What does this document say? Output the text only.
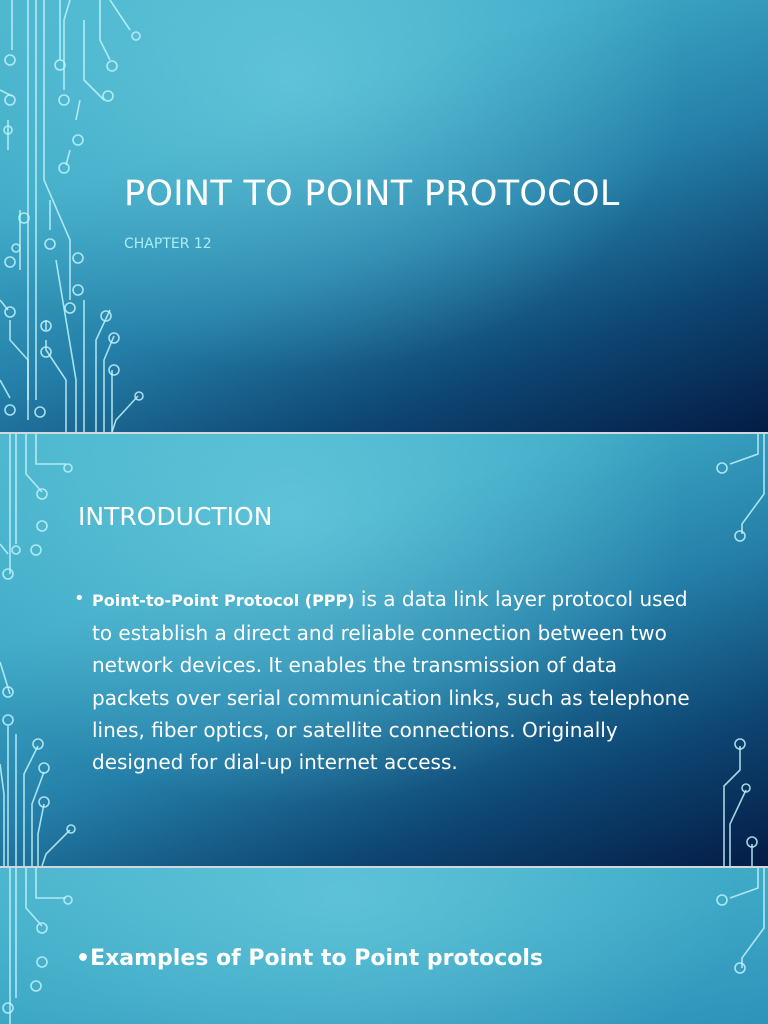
POINT TO POINT PROTOCOL

CHAPTER 12

INTRODUCTION
• Point-to-Point Protocol (PPP) is a data link layer protocol used to establish a direct and reliable connection between two network devices. It enables the transmission of data packets over serial communication links, such as telephone lines, fiber optics, or satellite connections. Originally designed for dial-up internet access.
•Examples of Point to Point protocols
